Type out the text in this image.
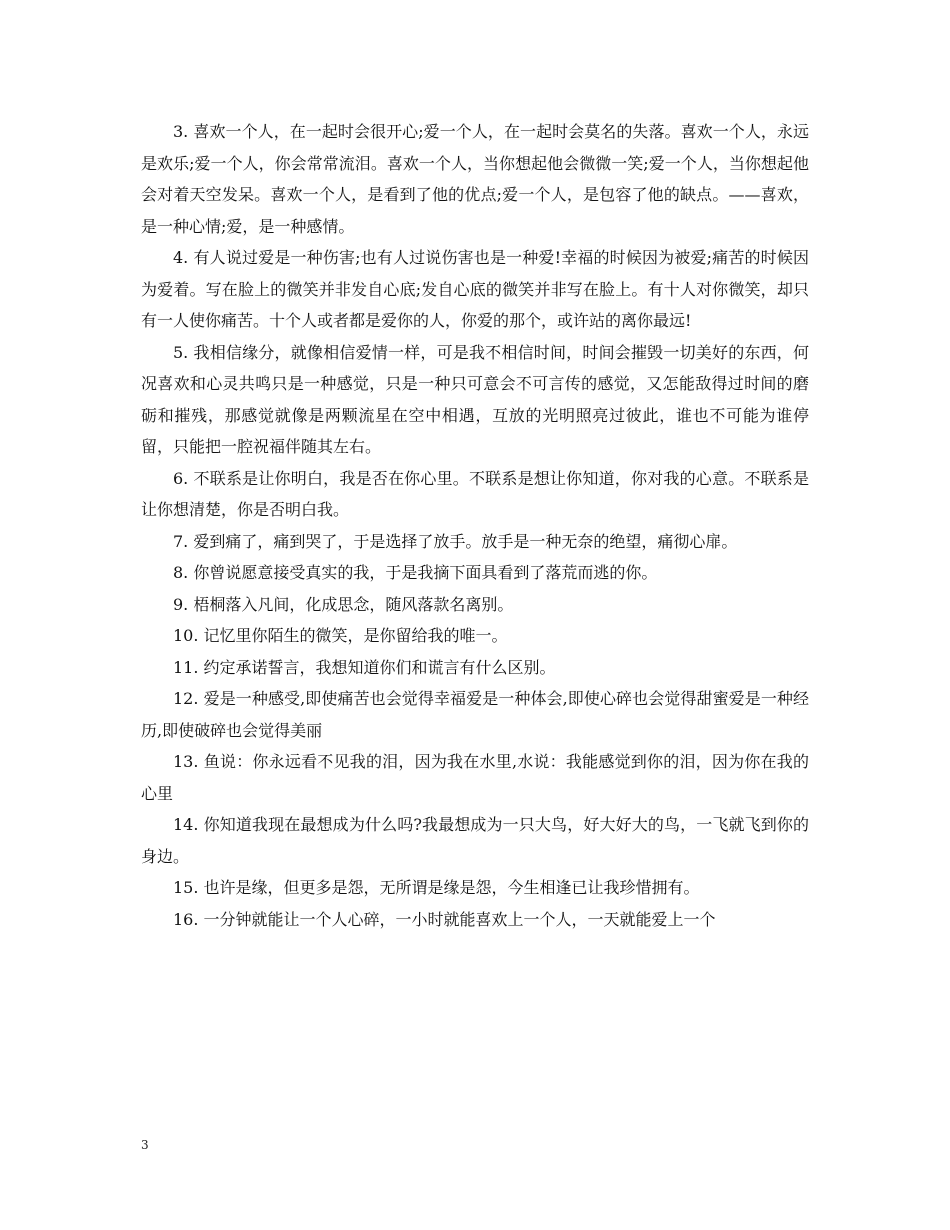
3. 喜欢一个人，在一起时会很开心;爱一个人，在一起时会莫名的失落。喜欢一个人，永远是欢乐;爱一个人，你会常常流泪。喜欢一个人，当你想起他会微微一笑;爱一个人，当你想起他会对着天空发呆。喜欢一个人，是看到了他的优点;爱一个人，是包容了他的缺点。——喜欢，是一种心情;爱，是一种感情。

4. 有人说过爱是一种伤害;也有人过说伤害也是一种爱!幸福的时候因为被爱;痛苦的时候因为爱着。写在脸上的微笑并非发自心底;发自心底的微笑并非写在脸上。有十人对你微笑，却只有一人使你痛苦。十个人或者都是爱你的人，你爱的那个，或许站的离你最远!

5. 我相信缘分，就像相信爱情一样，可是我不相信时间，时间会摧毁一切美好的东西，何况喜欢和心灵共鸣只是一种感觉，只是一种只可意会不可言传的感觉，又怎能敌得过时间的磨砺和摧残，那感觉就像是两颗流星在空中相遇，互放的光明照亮过彼此，谁也不可能为谁停留，只能把一腔祝福伴随其左右。

6. 不联系是让你明白，我是否在你心里。不联系是想让你知道，你对我的心意。不联系是让你想清楚，你是否明白我。

7. 爱到痛了，痛到哭了，于是选择了放手。放手是一种无奈的绝望，痛彻心扉。

8. 你曾说愿意接受真实的我，于是我摘下面具看到了落荒而逃的你。

9. 梧桐落入凡间，化成思念，随风落款名离别。

10. 记忆里你陌生的微笑，是你留给我的唯一。

11. 约定承诺誓言，我想知道你们和谎言有什么区别。

12. 爱是一种感受,即使痛苦也会觉得幸福爱是一种体会,即使心碎也会觉得甜蜜爱是一种经历,即使破碎也会觉得美丽

13. 鱼说：你永远看不见我的泪，因为我在水里,水说：我能感觉到你的泪，因为你在我的心里

14. 你知道我现在最想成为什么吗?我最想成为一只大鸟，好大好大的鸟，一飞就飞到你的身边。

15. 也许是缘，但更多是怨，无所谓是缘是怨，今生相逢已让我珍惜拥有。

16. 一分钟就能让一个人心碎，一小时就能喜欢上一个人，一天就能爱上一个

3
